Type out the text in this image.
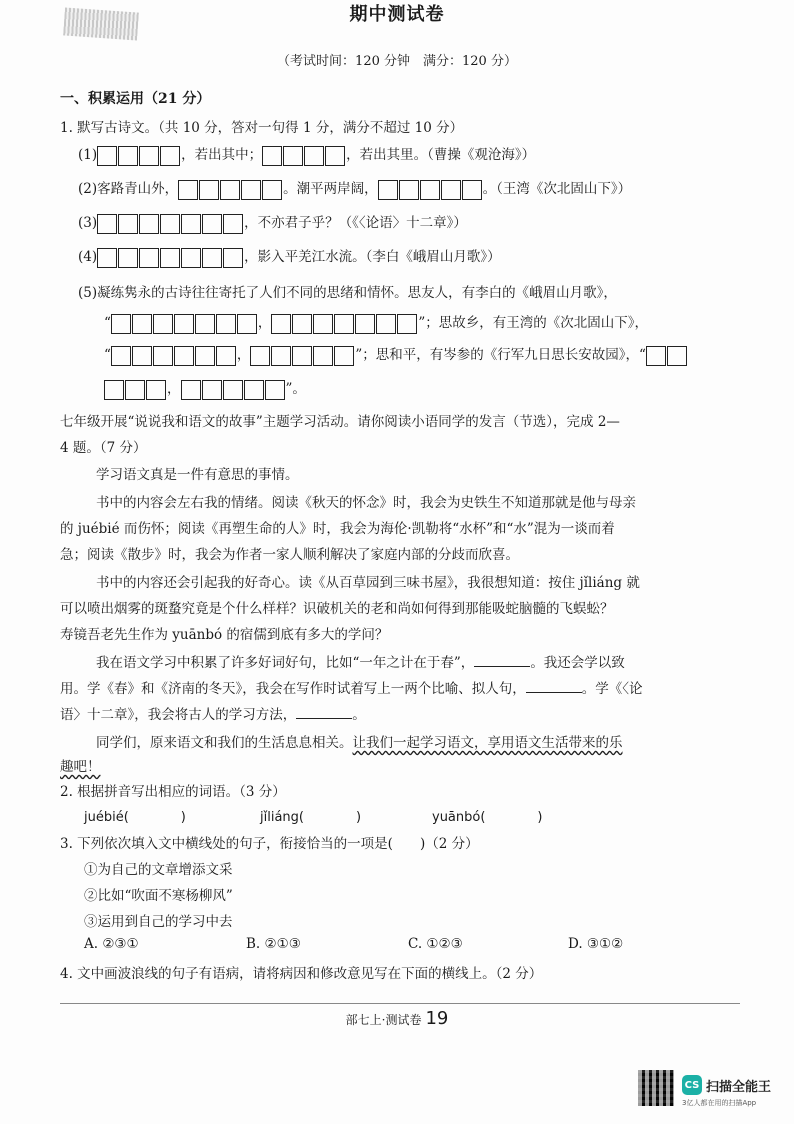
期中测试卷
（考试时间：120 分钟　满分：120 分）
一、积累运用（21 分）
1. 默写古诗文。（共 10 分，答对一句得 1 分，满分不超过 10 分）
(1)	，若出其中；	，若出其里。（曹操《观沧海》）
(2)客路青山外，	。潮平两岸阔，	。（王湾《次北固山下》）
(3)	，不亦君子乎？（《〈论语〉十二章》）
(4)	，影入平羌江水流。（李白《峨眉山月歌》）
(5)凝练隽永的古诗往往寄托了人们不同的思绪和情怀。思友人，有李白的《峨眉山月歌》，
“	，	”；思故乡，有王湾的《次北固山下》，
“	，	”；思和平，有岑参的《行军九日思长安故园》，“
，	”。
七年级开展“说说我和语文的故事”主题学习活动。请你阅读小语同学的发言（节选），完成 2—
4 题。（7 分）
学习语文真是一件有意思的事情。
书中的内容会左右我的情绪。阅读《秋天的怀念》时，我会为史铁生不知道那就是他与母亲
的 juébié 而伤怀；阅读《再塑生命的人》时，我会为海伦·凯勒将“水杯”和“水”混为一谈而着
急；阅读《散步》时，我会为作者一家人顺利解决了家庭内部的分歧而欣喜。
书中的内容还会引起我的好奇心。读《从百草园到三味书屋》，我很想知道：按住 jǐliáng 就
可以喷出烟雾的斑蝥究竟是个什么样样？识破机关的老和尚如何得到那能吸蛇脑髓的飞蜈蚣？
寿镜吾老先生作为 yuānbó 的宿儒到底有多大的学问？
我在语文学习中积累了许多好词好句，比如“一年之计在于春”，	。我还会学以致
用。学《春》和《济南的冬天》，我会在写作时试着写上一两个比喻、拟人句，	。学《〈论
语〉十二章》，我会将古人的学习方法，	。
同学们，原来语文和我们的生活息息相关。让我们一起学习语文，享用语文生活带来的乐
趣吧！
2. 根据拼音写出相应的词语。（3 分）
juébié(　　　　)	jǐliáng(　　　　)	yuānbó(　　　　)
3. 下列依次填入文中横线处的句子，衔接恰当的一项是(　　)（2 分）
①为自己的文章增添文采
②比如“吹面不寒杨柳风”
③运用到自己的学习中去
A. ②③①	B. ②①③	C. ①②③	D. ③①②
4. 文中画波浪线的句子有语病，请将病因和修改意见写在下面的横线上。（2 分）
部七上·测试卷 19
CS 扫描全能王
3亿人都在用的扫描App
